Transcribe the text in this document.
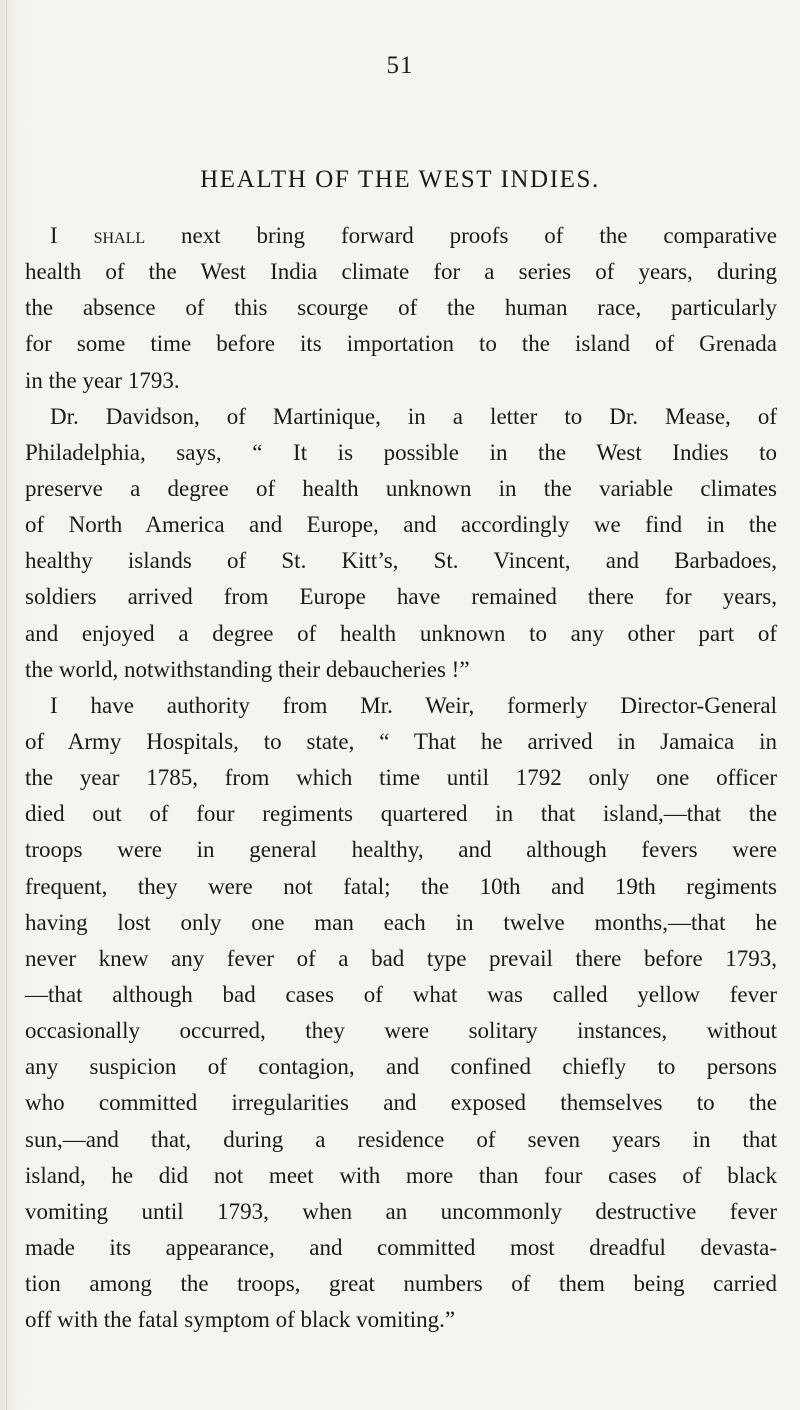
51
HEALTH OF THE WEST INDIES.
I shall next bring forward proofs of the comparative
health of the West India climate for a series of years, during
the absence of this scourge of the human race, particularly
for some time before its importation to the island of Grenada
in the year 1793.
Dr. Davidson, of Martinique, in a letter to Dr. Mease, of
Philadelphia, says, “ It is possible in the West Indies to
preserve a degree of health unknown in the variable climates
of North America and Europe, and accordingly we find in the
healthy islands of St. Kitt’s, St. Vincent, and Barbadoes,
soldiers arrived from Europe have remained there for years,
and enjoyed a degree of health unknown to any other part of
the world, notwithstanding their debaucheries !”
I have authority from Mr. Weir, formerly Director-General
of Army Hospitals, to state, “ That he arrived in Jamaica in
the year 1785, from which time until 1792 only one officer
died out of four regiments quartered in that island,—that the
troops were in general healthy, and although fevers were
frequent, they were not fatal; the 10th and 19th regiments
having lost only one man each in twelve months,—that he
never knew any fever of a bad type prevail there before 1793,
—that although bad cases of what was called yellow fever
occasionally occurred, they were solitary instances, without
any suspicion of contagion, and confined chiefly to persons
who committed irregularities and exposed themselves to the
sun,—and that, during a residence of seven years in that
island, he did not meet with more than four cases of black
vomiting until 1793, when an uncommonly destructive fever
made its appearance, and committed most dreadful devasta-
tion among the troops, great numbers of them being carried
off with the fatal symptom of black vomiting.”
